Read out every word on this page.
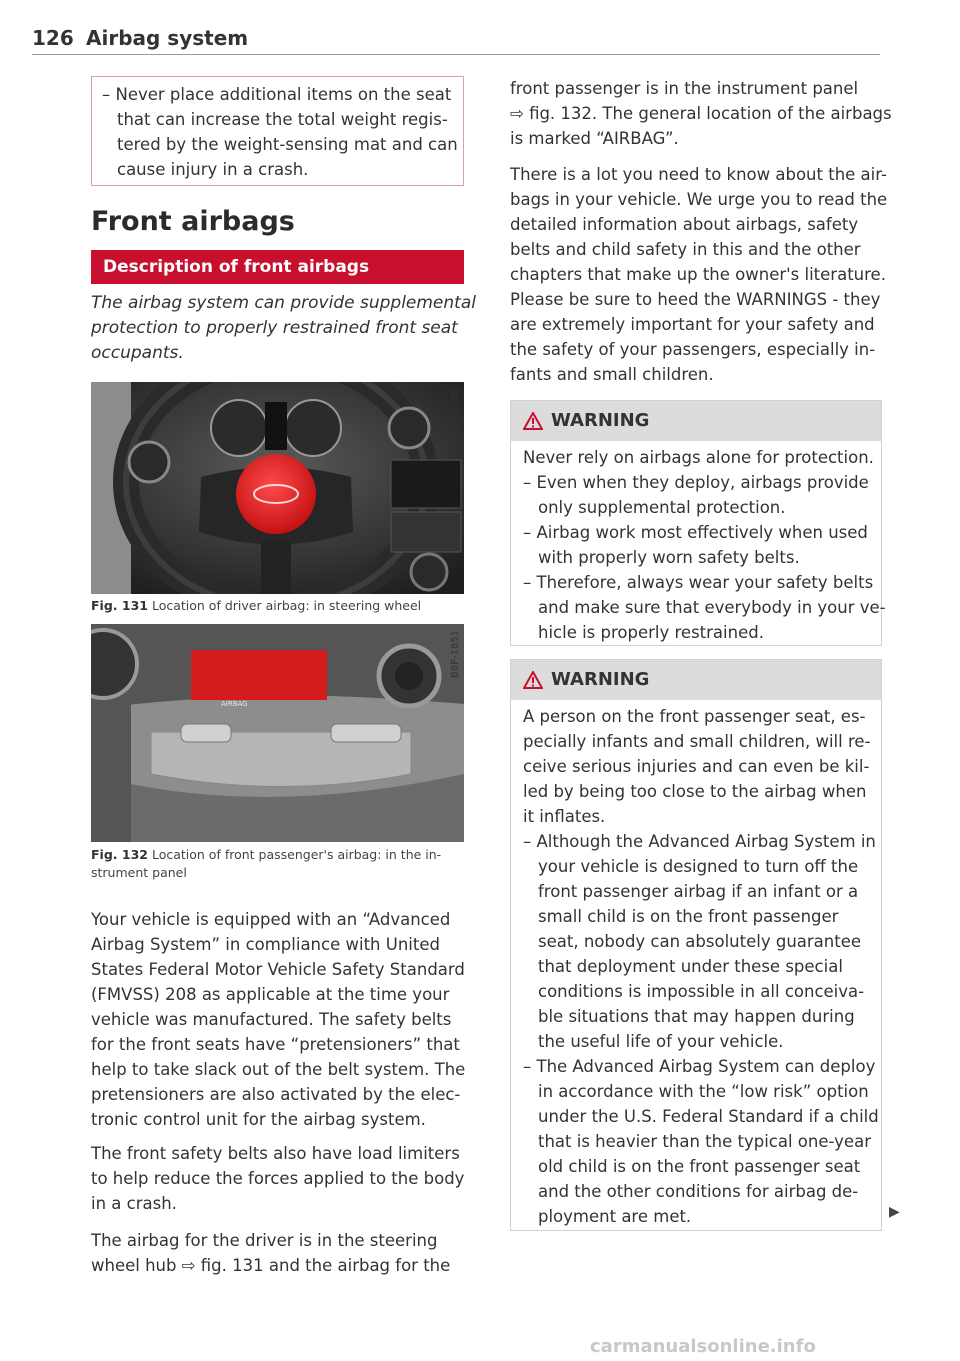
126 Airbag system
– Never place additional items on the seat
that can increase the total weight regis-
tered by the weight-sensing mat and can
cause injury in a crash.
Front airbags
Description of front airbags
The airbag system can provide supplemental
protection to properly restrained front seat
occupants.
B8P-1850
Fig. 131 Location of driver airbag: in steering wheel
AIRBAG
B8P-1851
Fig. 132 Location of front passenger's airbag: in the in-
strument panel
Your vehicle is equipped with an “Advanced
Airbag System” in compliance with United
States Federal Motor Vehicle Safety Standard
(FMVSS) 208 as applicable at the time your
vehicle was manufactured. The safety belts
for the front seats have “pretensioners” that
help to take slack out of the belt system. The
pretensioners are also activated by the elec-
tronic control unit for the airbag system.
The front safety belts also have load limiters
to help reduce the forces applied to the body
in a crash.
The airbag for the driver is in the steering
wheel hub ⇨ fig. 131 and the airbag for the
front passenger is in the instrument panel
⇨ fig. 132. The general location of the airbags
is marked “AIRBAG”.
There is a lot you need to know about the air-
bags in your vehicle. We urge you to read the
detailed information about airbags, safety
belts and child safety in this and the other
chapters that make up the owner's literature.
Please be sure to heed the WARNINGS - they
are extremely important for your safety and
the safety of your passengers, especially in-
fants and small children.
WARNING
Never rely on airbags alone for protection.
– Even when they deploy, airbags provide
only supplemental protection.
– Airbag work most effectively when used
with properly worn safety belts.
– Therefore, always wear your safety belts
and make sure that everybody in your ve-
hicle is properly restrained.
WARNING
A person on the front passenger seat, es-
pecially infants and small children, will re-
ceive serious injuries and can even be kil-
led by being too close to the airbag when
it inflates.
– Although the Advanced Airbag System in
your vehicle is designed to turn off the
front passenger airbag if an infant or a
small child is on the front passenger
seat, nobody can absolutely guarantee
that deployment under these special
conditions is impossible in all conceiva-
ble situations that may happen during
the useful life of your vehicle.
– The Advanced Airbag System can deploy
in accordance with the “low risk” option
under the U.S. Federal Standard if a child
that is heavier than the typical one-year
old child is on the front passenger seat
and the other conditions for airbag de-
ployment are met.	▶
carmanualsonline.info
